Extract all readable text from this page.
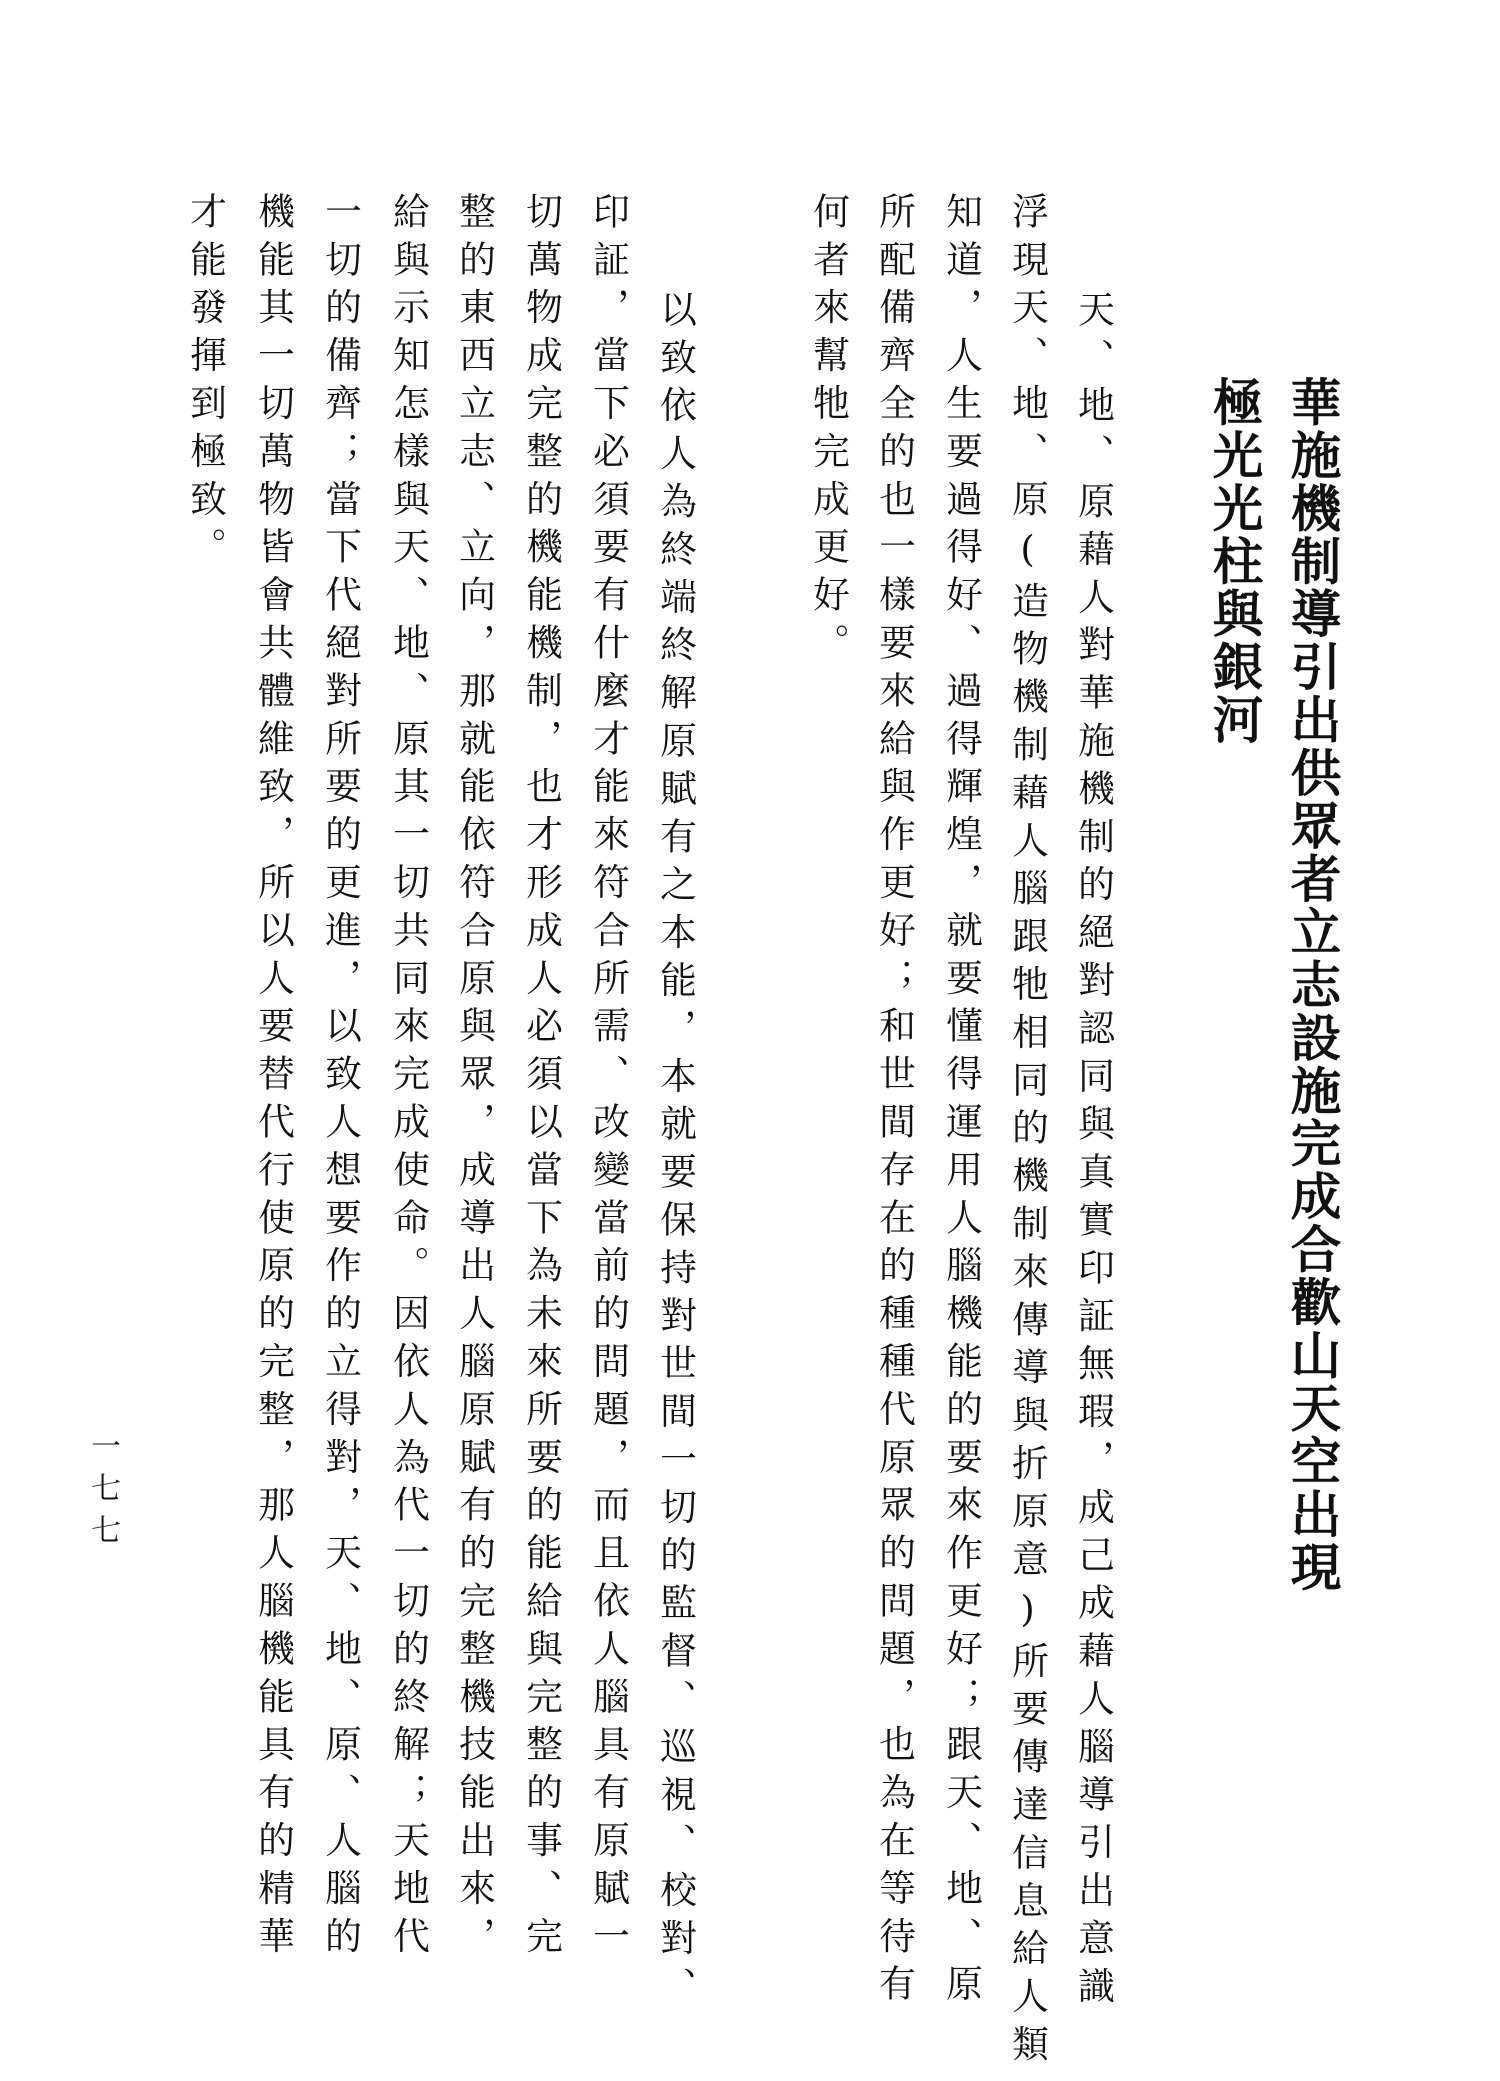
華施機制導引出供眾者立志設施完成合歡山天空出現
極光光柱與銀河
天、地、原藉人對華施機制的絕對認同與真實印証無瑕，成己成藉人腦導引出意識
浮現天、地、原(造物機制藉人腦跟牠相同的機制來傳導與折原意)所要傳達信息給人類
知道，人生要過得好、過得輝煌，就要懂得運用人腦機能的要來作更好；跟天、地、原
所配備齊全的也一樣要來給與作更好；和世間存在的種種代原眾的問題，也為在等待有
何者來幫牠完成更好。
以致依人為終端終解原賦有之本能，本就要保持對世間一切的監督、巡視、校對、
印証，當下必須要有什麼才能來符合所需、改變當前的問題，而且依人腦具有原賦一
切萬物成完整的機能機制，也才形成人必須以當下為未來所要的能給與完整的事、完
整的東西立志、立向，那就能依符合原與眾，成導出人腦原賦有的完整機技能出來，
給與示知怎樣與天、地、原其一切共同來完成使命。因依人為代一切的終解；天地代
一切的備齊；當下代絕對所要的更進，以致人想要作的立得對，天、地、原、人腦的
機能其一切萬物皆會共體維致，所以人要替代行使原的完整，那人腦機能具有的精華
才能發揮到極致。
一七七
